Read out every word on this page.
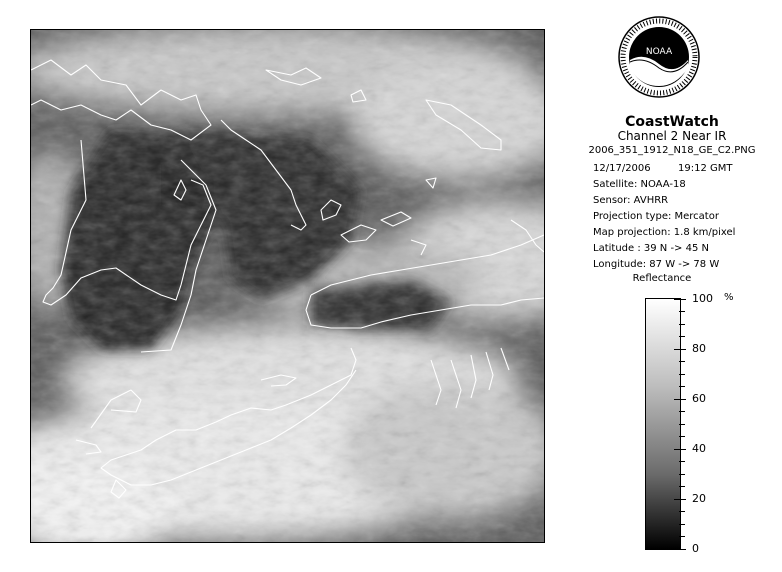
NOAA
CoastWatch
Channel 2 Near IR
2006_351_1912_N18_GE_C2.PNG
12/17/2006	19:12 GMT
Satellite: NOAA-18
Sensor: AVHRR
Projection type: Mercator
Map projection: 1.8 km/pixel
Latitude : 39 N -> 45 N
Longitude: 87 W -> 78 W
Reflectance
%
100
80
60
40
20
0
